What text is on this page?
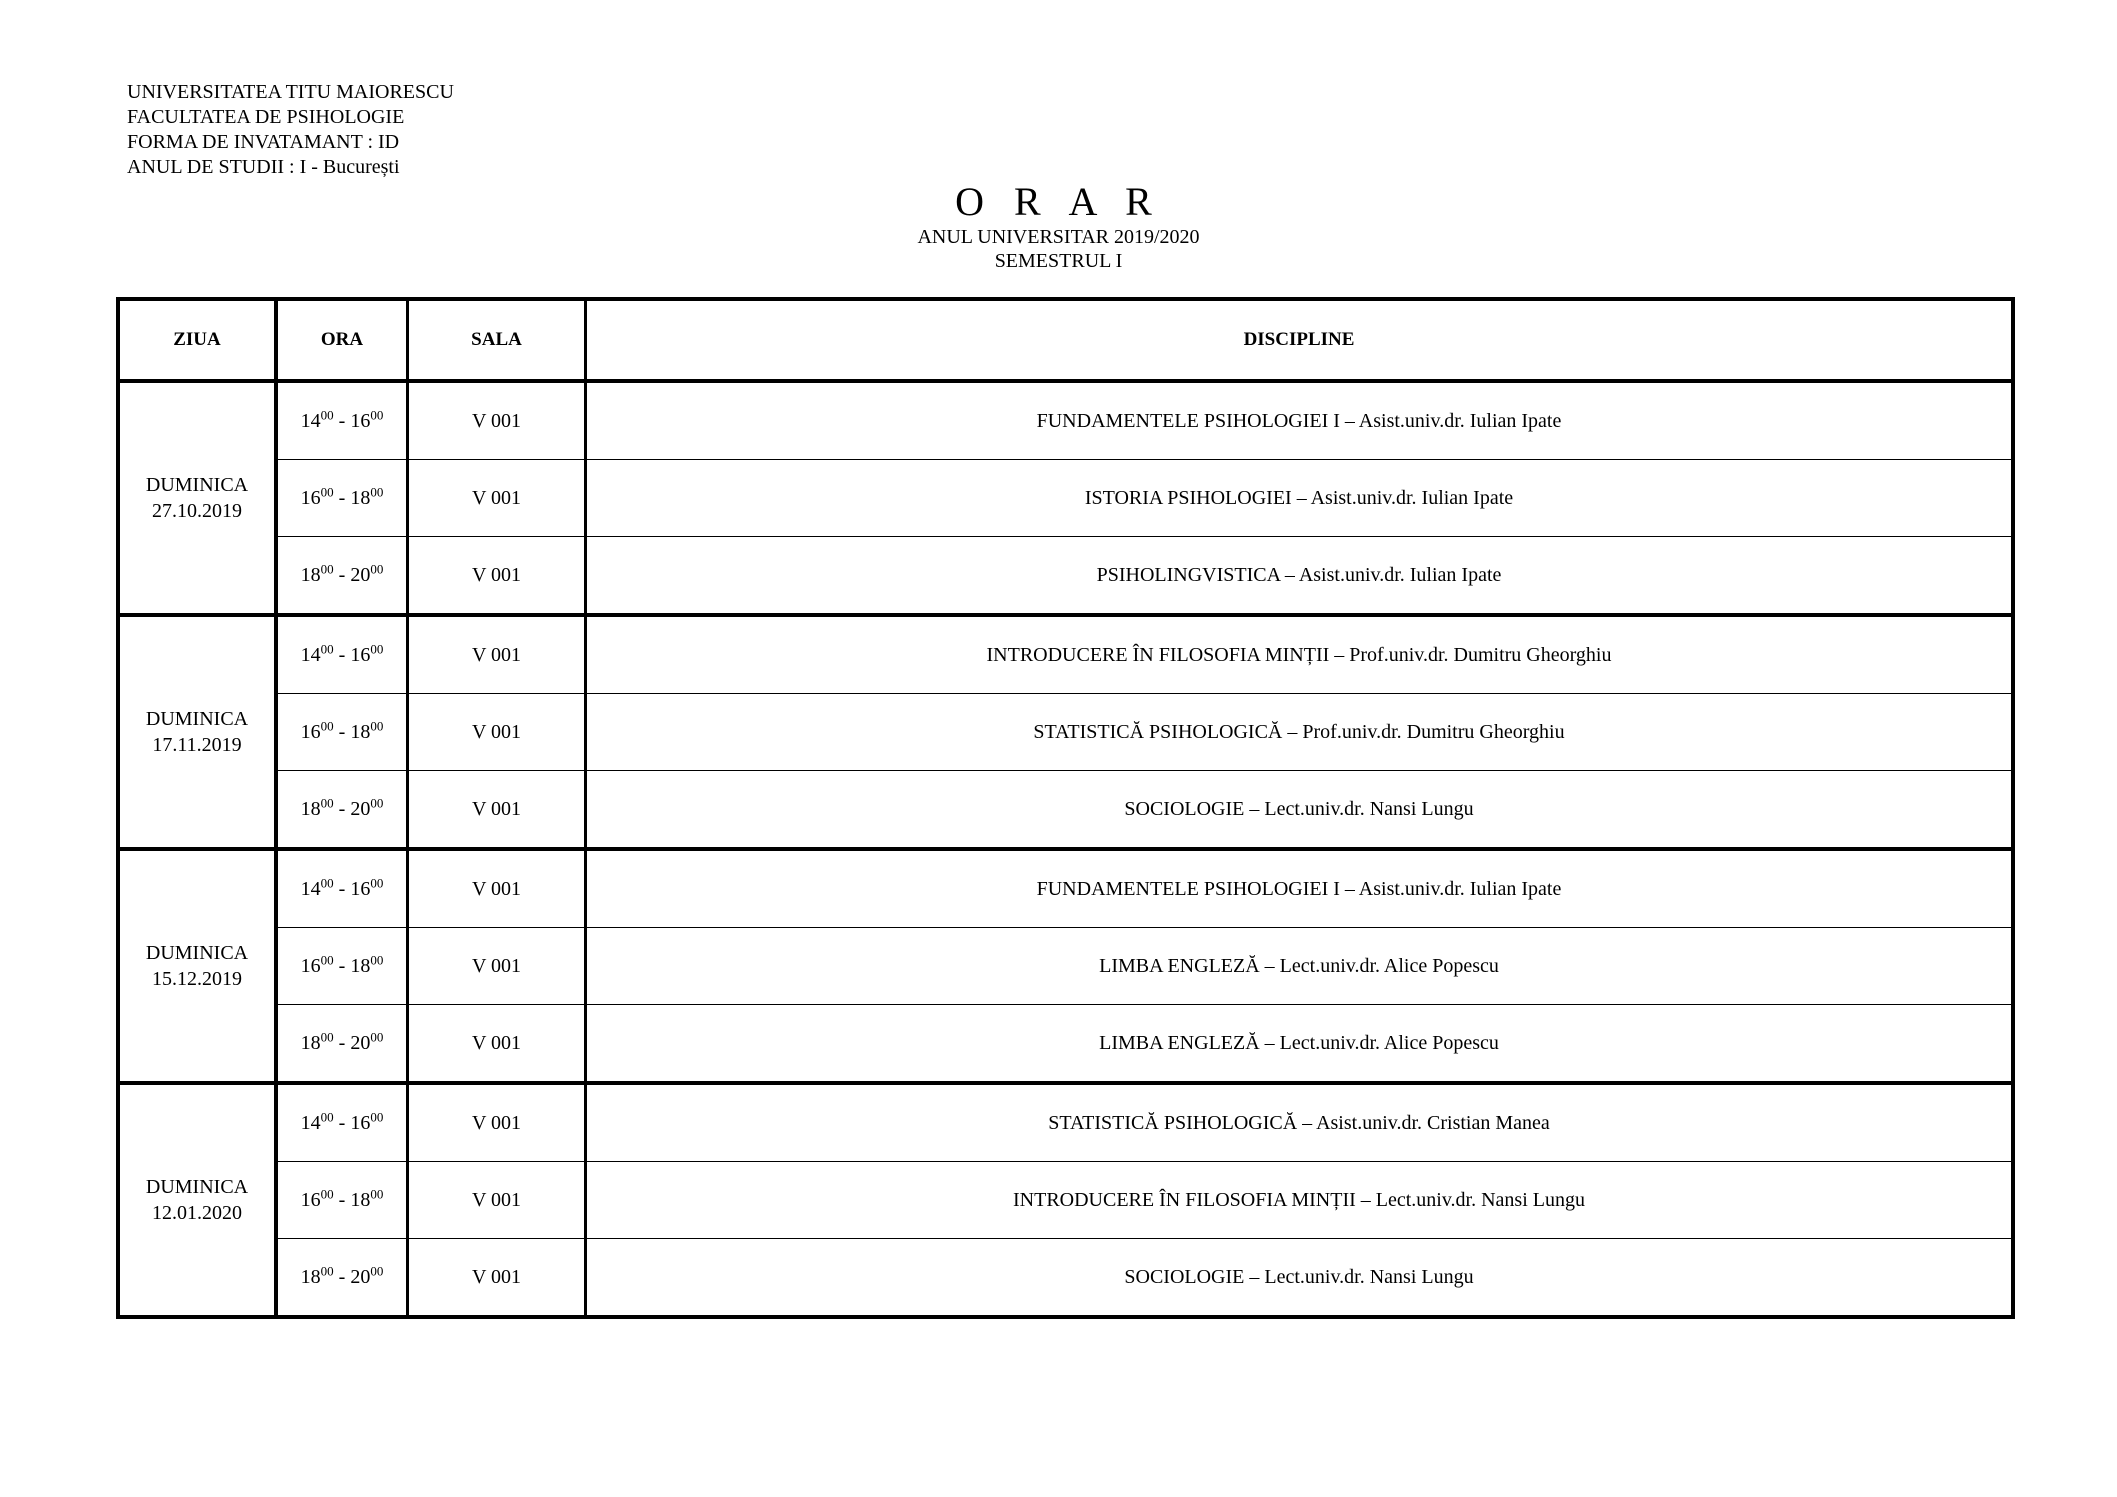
UNIVERSITATEA TITU MAIORESCU
FACULTATEA DE PSIHOLOGIE
FORMA DE INVATAMANT : ID
ANUL DE STUDII : I - București
O R A R
ANUL UNIVERSITAR 2019/2020
SEMESTRUL I
ZIUA	ORA	SALA	DISCIPLINE

DUMINICA
27.10.2019	$14^{00} - 16^{00}$	V 001	FUNDAMENTELE PSIHOLOGIEI I – Asist.univ.dr. Iulian Ipate
	$16^{00} - 18^{00}$	V 001	ISTORIA PSIHOLOGIEI – Asist.univ.dr. Iulian Ipate
	$18^{00} - 20^{00}$	V 001	PSIHOLINGVISTICA – Asist.univ.dr. Iulian Ipate

DUMINICA
17.11.2019	$14^{00} - 16^{00}$	V 001	INTRODUCERE ÎN FILOSOFIA MINȚII – Prof.univ.dr. Dumitru Gheorghiu
	$16^{00} - 18^{00}$	V 001	STATISTICĂ PSIHOLOGICĂ – Prof.univ.dr. Dumitru Gheorghiu
	$18^{00} - 20^{00}$	V 001	SOCIOLOGIE – Lect.univ.dr. Nansi Lungu

DUMINICA
15.12.2019	$14^{00} - 16^{00}$	V 001	FUNDAMENTELE PSIHOLOGIEI I – Asist.univ.dr. Iulian Ipate
	$16^{00} - 18^{00}$	V 001	LIMBA ENGLEZĂ – Lect.univ.dr. Alice Popescu
	$18^{00} - 20^{00}$	V 001	LIMBA ENGLEZĂ – Lect.univ.dr. Alice Popescu

DUMINICA
12.01.2020	$14^{00} - 16^{00}$	V 001	STATISTICĂ PSIHOLOGICĂ – Asist.univ.dr. Cristian Manea
	$16^{00} - 18^{00}$	V 001	INTRODUCERE ÎN FILOSOFIA MINȚII – Lect.univ.dr. Nansi Lungu
	$18^{00} - 20^{00}$	V 001	SOCIOLOGIE – Lect.univ.dr. Nansi Lungu
